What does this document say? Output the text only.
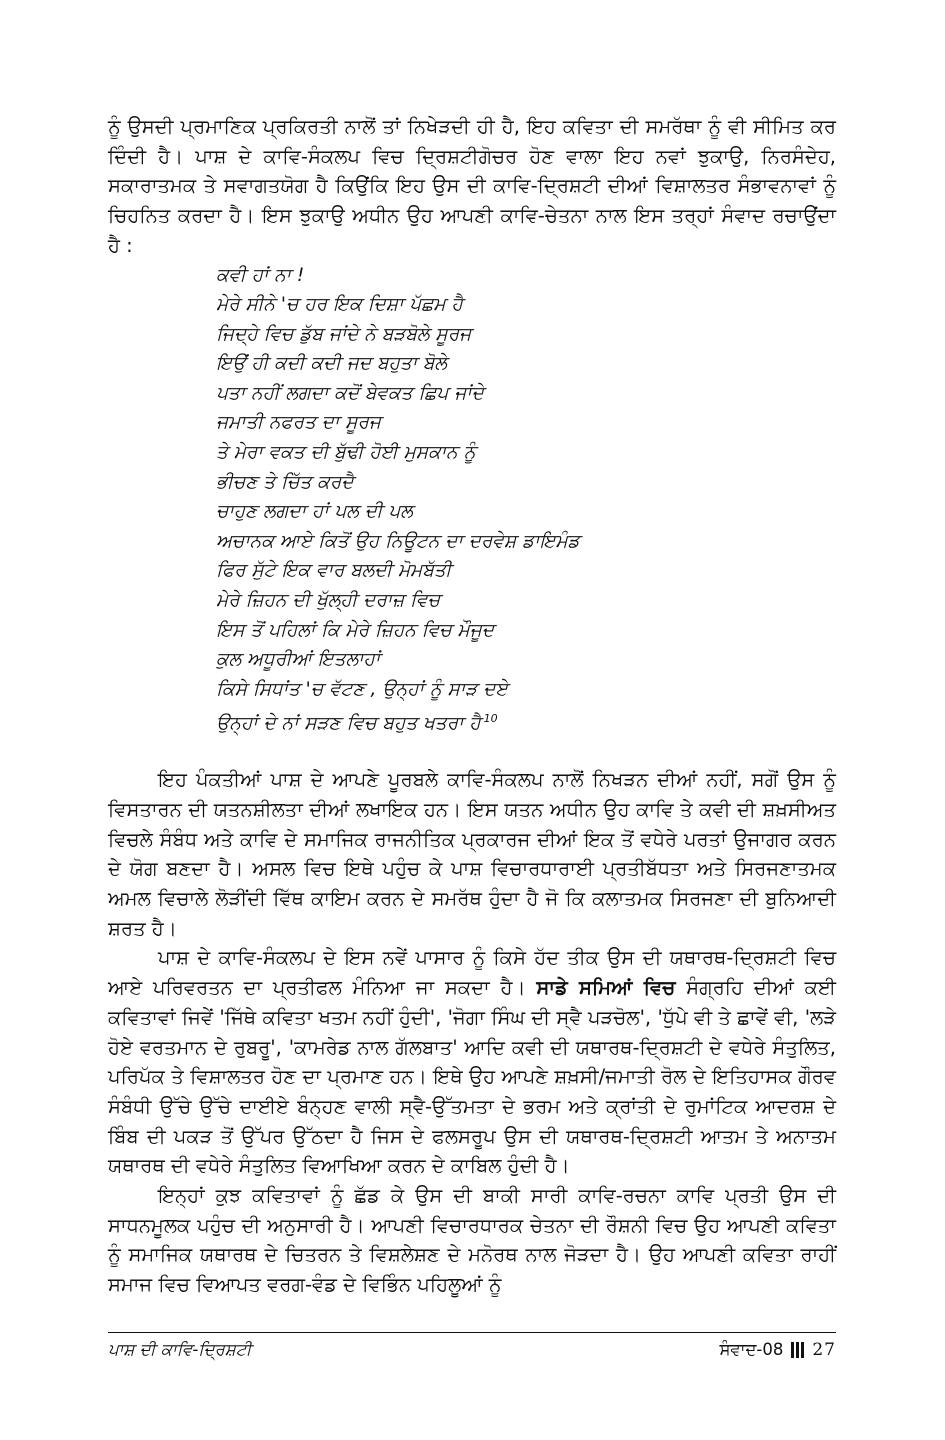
ਨੂੰ ਉਸਦੀ ਪ੍ਰਮਾਣਿਕ ਪ੍ਰਕਿਰਤੀ ਨਾਲੋਂ ਤਾਂ ਨਿਖੇੜਦੀ ਹੀ ਹੈ, ਇਹ ਕਵਿਤਾ ਦੀ ਸਮਰੱਥਾ ਨੂੰ ਵੀ ਸੀਮਿਤ ਕਰ ਦਿੰਦੀ ਹੈ। ਪਾਸ਼ ਦੇ ਕਾਵਿ-ਸੰਕਲਪ ਵਿਚ ਦ੍ਰਿਸ਼ਟੀਗੋਚਰ ਹੋਣ ਵਾਲਾ ਇਹ ਨਵਾਂ ਝੁਕਾਉ, ਨਿਰਸੰਦੇਹ, ਸਕਾਰਾਤਮਕ ਤੇ ਸਵਾਗਤਯੋਗ ਹੈ ਕਿਉਂਕਿ ਇਹ ਉਸ ਦੀ ਕਾਵਿ-ਦ੍ਰਿਸ਼ਟੀ ਦੀਆਂ ਵਿਸ਼ਾਲਤਰ ਸੰਭਾਵਨਾਵਾਂ ਨੂੰ ਚਿਹਨਿਤ ਕਰਦਾ ਹੈ। ਇਸ ਝੁਕਾਉ ਅਧੀਨ ਉਹ ਆਪਣੀ ਕਾਵਿ-ਚੇਤਨਾ ਨਾਲ ਇਸ ਤਰ੍ਹਾਂ ਸੰਵਾਦ ਰਚਾਉਂਦਾ ਹੈ :

ਕਵੀ ਹਾਂ ਨਾ !
ਮੇਰੇ ਸੀਨੇ 'ਚ ਹਰ ਇਕ ਦਿਸ਼ਾ ਪੱਛਮ ਹੈ
ਜਿਦ੍ਹੇ ਵਿਚ ਡੁੱਬ ਜਾਂਦੇ ਨੇ ਬੜਬੋਲੇ ਸੂਰਜ
ਇਉਂ ਹੀ ਕਦੀ ਕਦੀ ਜਦ ਬਹੁਤਾ ਬੋਲੇ
ਪਤਾ ਨਹੀਂ ਲਗਦਾ ਕਦੋਂ ਬੇਵਕਤ ਛਿਪ ਜਾਂਦੇ
ਜਮਾਤੀ ਨਫਰਤ ਦਾ ਸੂਰਜ
ਤੇ ਮੇਰਾ ਵਕਤ ਦੀ ਬੁੱਢੀ ਹੋਈ ਮੁਸਕਾਨ ਨੂੰ
ਭੀਚਣ ਤੇ ਚਿੱਤ ਕਰਦੈ
ਚਾਹੁਣ ਲਗਦਾ ਹਾਂ ਪਲ ਦੀ ਪਲ
ਅਚਾਨਕ ਆਏ ਕਿਤੋਂ ਉਹ ਨਿਊਟਨ ਦਾ ਦਰਵੇਸ਼ ਡਾਇਮੰਡ
ਫਿਰ ਸੁੱਟੇ ਇਕ ਵਾਰ ਬਲਦੀ ਮੋਮਬੱਤੀ
ਮੇਰੇ ਜ਼ਿਹਨ ਦੀ ਖੁੱਲ੍ਹੀ ਦਰਾਜ਼ ਵਿਚ
ਇਸ ਤੋਂ ਪਹਿਲਾਂ ਕਿ ਮੇਰੇ ਜ਼ਿਹਨ ਵਿਚ ਮੌਜੂਦ
ਕੁਲ ਅਧੂਰੀਆਂ ਇਤਲਾਹਾਂ
ਕਿਸੇ ਸਿਧਾਂਤ 'ਚ ਵੱਟਣ , ਉਨ੍ਹਾਂ ਨੂੰ ਸਾੜ ਦਏ
ਉਨ੍ਹਾਂ ਦੇ ਨਾਂ ਸੜਣ ਵਿਚ ਬਹੁਤ ਖਤਰਾ ਹੈ $^{10}$

ਇਹ ਪੰਕਤੀਆਂ ਪਾਸ਼ ਦੇ ਆਪਣੇ ਪੂਰਬਲੇ ਕਾਵਿ-ਸੰਕਲਪ ਨਾਲੋਂ ਨਿਖੜਨ ਦੀਆਂ ਨਹੀਂ, ਸਗੋਂ ਉਸ ਨੂੰ ਵਿਸਤਾਰਨ ਦੀ ਯਤਨਸ਼ੀਲਤਾ ਦੀਆਂ ਲਖਾਇਕ ਹਨ। ਇਸ ਯਤਨ ਅਧੀਨ ਉਹ ਕਾਵਿ ਤੇ ਕਵੀ ਦੀ ਸ਼ਖ਼ਸੀਅਤ ਵਿਚਲੇ ਸੰਬੰਧ ਅਤੇ ਕਾਵਿ ਦੇ ਸਮਾਜਿਕ ਰਾਜਨੀਤਿਕ ਪ੍ਰਕਾਰਜ ਦੀਆਂ ਇਕ ਤੋਂ ਵਧੇਰੇ ਪਰਤਾਂ ਉਜਾਗਰ ਕਰਨ ਦੇ ਯੋਗ ਬਣਦਾ ਹੈ। ਅਸਲ ਵਿਚ ਇਥੇ ਪਹੁੰਚ ਕੇ ਪਾਸ਼ ਵਿਚਾਰਧਾਰਾਈ ਪ੍ਰਤੀਬੱਧਤਾ ਅਤੇ ਸਿਰਜਣਾਤਮਕ ਅਮਲ ਵਿਚਾਲੇ ਲੋੜੀਂਦੀ ਵਿੱਥ ਕਾਇਮ ਕਰਨ ਦੇ ਸਮਰੱਥ ਹੁੰਦਾ ਹੈ ਜੋ ਕਿ ਕਲਾਤਮਕ ਸਿਰਜਣਾ ਦੀ ਬੁਨਿਆਦੀ ਸ਼ਰਤ ਹੈ।

ਪਾਸ਼ ਦੇ ਕਾਵਿ-ਸੰਕਲਪ ਦੇ ਇਸ ਨਵੇਂ ਪਾਸਾਰ ਨੂੰ ਕਿਸੇ ਹੱਦ ਤੀਕ ਉਸ ਦੀ ਯਥਾਰਥ-ਦ੍ਰਿਸ਼ਟੀ ਵਿਚ ਆਏ ਪਰਿਵਰਤਨ ਦਾ ਪ੍ਰਤੀਫਲ ਮੰਨਿਆ ਜਾ ਸਕਦਾ ਹੈ। ਸਾਡੇ ਸਮਿਆਂ ਵਿਚ ਸੰਗ੍ਰਹਿ ਦੀਆਂ ਕਈ ਕਵਿਤਾਵਾਂ ਜਿਵੇਂ 'ਜਿੱਥੇ ਕਵਿਤਾ ਖਤਮ ਨਹੀਂ ਹੁੰਦੀ', 'ਜੋਗਾ ਸਿੰਘ ਦੀ ਸ੍ਵੈ ਪੜਚੋਲ', 'ਧੁੱਪੇ ਵੀ ਤੇ ਛਾਵੇਂ ਵੀ, 'ਲੜੇ ਹੋਏ ਵਰਤਮਾਨ ਦੇ ਰੁਬਰੂ', 'ਕਾਮਰੇਡ ਨਾਲ ਗੱਲਬਾਤ' ਆਦਿ ਕਵੀ ਦੀ ਯਥਾਰਥ-ਦ੍ਰਿਸ਼ਟੀ ਦੇ ਵਧੇਰੇ ਸੰਤੁਲਿਤ, ਪਰਿਪੱਕ ਤੇ ਵਿਸ਼ਾਲਤਰ ਹੋਣ ਦਾ ਪ੍ਰਮਾਣ ਹਨ। ਇਥੇ ਉਹ ਆਪਣੇ ਸ਼ਖ਼ਸੀ/ਜਮਾਤੀ ਰੋਲ ਦੇ ਇਤਿਹਾਸਕ ਗੌਰਵ ਸੰਬੰਧੀ ਉੱਚੇ ਉੱਚੇ ਦਾਈਏ ਬੰਨ੍ਹਣ ਵਾਲੀ ਸ੍ਵੈ-ਉੱਤਮਤਾ ਦੇ ਭਰਮ ਅਤੇ ਕ੍ਰਾਂਤੀ ਦੇ ਰੁਮਾਂਟਿਕ ਆਦਰਸ਼ ਦੇ ਬਿੰਬ ਦੀ ਪਕੜ ਤੋਂ ਉੱਪਰ ਉੱਠਦਾ ਹੈ ਜਿਸ ਦੇ ਫਲਸਰੂਪ ਉਸ ਦੀ ਯਥਾਰਥ-ਦ੍ਰਿਸ਼ਟੀ ਆਤਮ ਤੇ ਅਨਾਤਮ ਯਥਾਰਥ ਦੀ ਵਧੇਰੇ ਸੰਤੁਲਿਤ ਵਿਆਖਿਆ ਕਰਨ ਦੇ ਕਾਬਿਲ ਹੁੰਦੀ ਹੈ।

ਇਨ੍ਹਾਂ ਕੁਝ ਕਵਿਤਾਵਾਂ ਨੂੰ ਛੱਡ ਕੇ ਉਸ ਦੀ ਬਾਕੀ ਸਾਰੀ ਕਾਵਿ-ਰਚਨਾ ਕਾਵਿ ਪ੍ਰਤੀ ਉਸ ਦੀ ਸਾਧਨਮੂਲਕ ਪਹੁੰਚ ਦੀ ਅਨੁਸਾਰੀ ਹੈ। ਆਪਣੀ ਵਿਚਾਰਧਾਰਕ ਚੇਤਨਾ ਦੀ ਰੌਸ਼ਨੀ ਵਿਚ ਉਹ ਆਪਣੀ ਕਵਿਤਾ ਨੂੰ ਸਮਾਜਿਕ ਯਥਾਰਥ ਦੇ ਚਿਤਰਨ ਤੇ ਵਿਸ਼ਲੇਸ਼ਣ ਦੇ ਮਨੋਰਥ ਨਾਲ ਜੋੜਦਾ ਹੈ। ਉਹ ਆਪਣੀ ਕਵਿਤਾ ਰਾਹੀਂ ਸਮਾਜ ਵਿਚ ਵਿਆਪਤ ਵਰਗ-ਵੰਡ ਦੇ ਵਿਭਿੰਨ ਪਹਿਲੂਆਂ ਨੂੰ

ਪਾਸ਼ ਦੀ ਕਾਵਿ-ਦ੍ਰਿਸ਼ਟੀ	ਸੰਵਾਦ-08 27
